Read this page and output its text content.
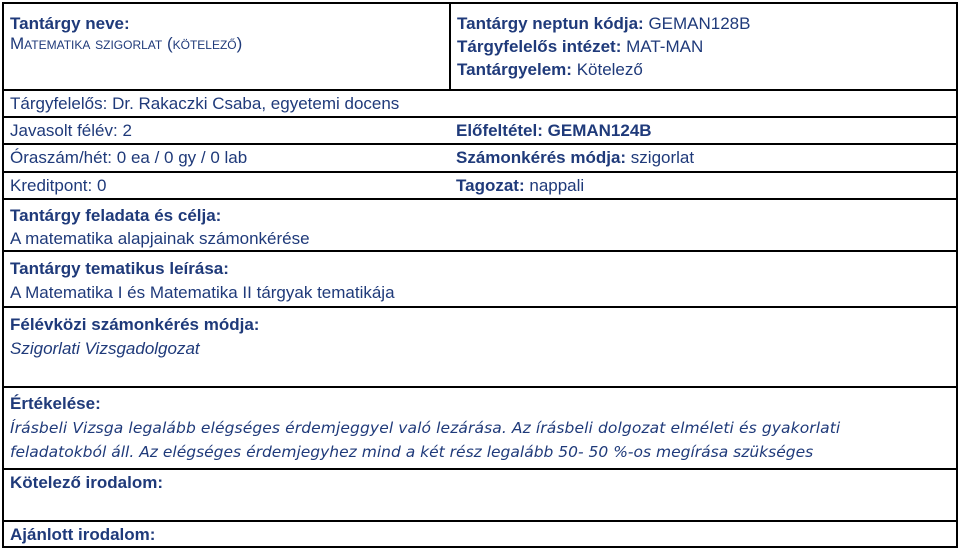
Tantárgy neve:
Matematika szigorlat (kötelező)	Tantárgy neptun kódja: GEMAN128B
Tárgyfelelős intézet: MAT-MAN
Tantárgyelem: Kötelező

Tárgyfelelős: Dr. Rakaczki Csaba, egyetemi docens	
Javasolt félév: 2	Előfeltétel: GEMAN124B
Óraszám/hét: 0 ea / 0 gy / 0 lab	Számonkérés módja: szigorlat
Kreditpont: 0	Tagozat: nappali

Tantárgy feladata és célja:
A matematika alapjainak számonkérése	

Tantárgy tematikus leírása:
A Matematika I és Matematika II tárgyak tematikája	

Félévközi számonkérés módja:
Szigorlati Vizsgadolgozat	

Értékelése:
Írásbeli Vizsga legalább elégséges érdemjeggyel való lezárása. Az írásbeli dolgozat elméleti és gyakorlati
feladatokból áll. Az elégséges érdemjegyhez mind a két rész legalább 50- 50 %-os megírása szükséges	

Kötelező irodalom:	

Ajánlott irodalom:	
